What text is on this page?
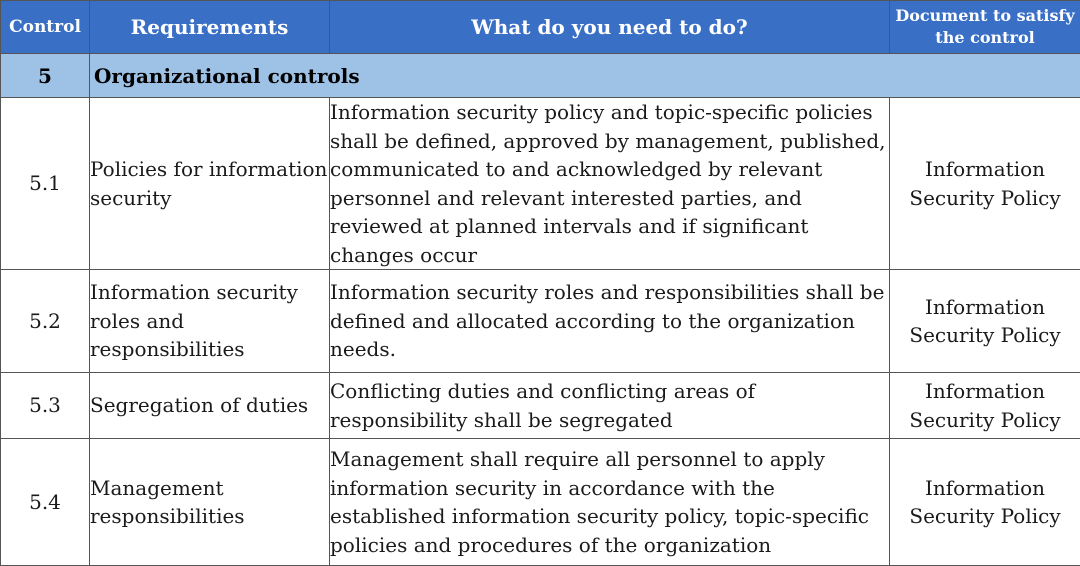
Control	Requirements	What do you need to do?	Document to satisfy the control
5	Organizational controls		
5.1	Policies for information security	Information security policy and topic-specific policies shall be defined, approved by management, published, communicated to and acknowledged by relevant personnel and relevant interested parties, and reviewed at planned intervals and if significant changes occur	Information Security Policy
5.2	Information security roles and responsibilities	Information security roles and responsibilities shall be defined and allocated according to the organization needs.	Information Security Policy
5.3	Segregation of duties	Conflicting duties and conflicting areas of responsibility shall be segregated	Information Security Policy
5.4	Management responsibilities	Management shall require all personnel to apply information security in accordance with the established information security policy, topic-specific policies and procedures of the organization	Information Security Policy
